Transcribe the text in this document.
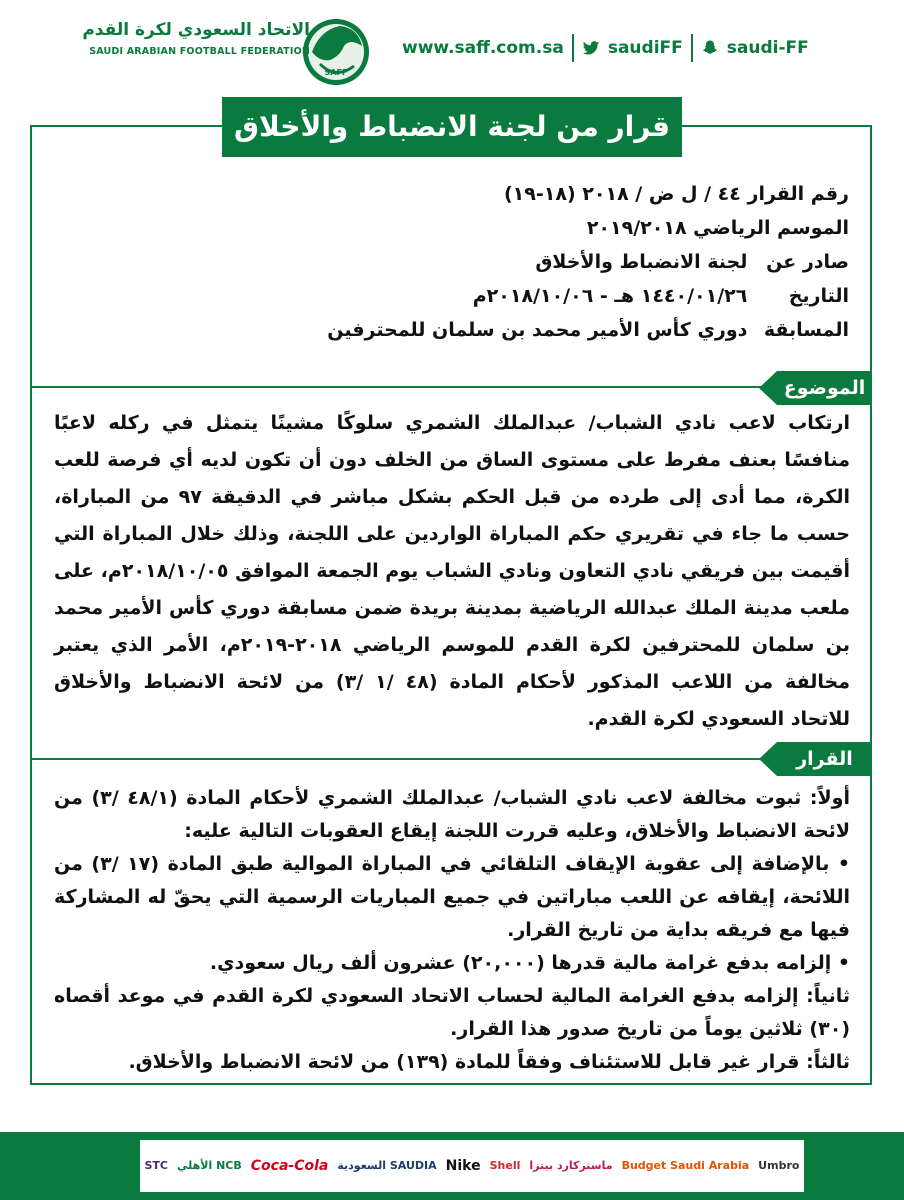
www.saff.com.sa	saudiFF	saudi-FF
SAFF
الاتحاد السعودي لكرة القدم
SAUDI ARABIAN FOOTBALL FEDERATION
قرار من لجنة الانضباط والأخلاق
رقم القرار ٤٤ / ل ض / ٢٠١٨ (١٨-١٩)
الموسم الرياضي ٢٠١٩/٢٠١٨
صادر عن لجنة الانضباط والأخلاق
التاريخ ١٤٤٠/٠١/٢٦ هـ - ٢٠١٨/١٠/٠٦م
المسابقة دوري كأس الأمير محمد بن سلمان للمحترفين
الموضوع
ارتكاب لاعب نادي الشباب/ عبدالملك الشمري سلوكًا مشينًا يتمثل في ركله لاعبًا منافسًا بعنف مفرط على مستوى الساق من الخلف دون أن تكون لديه أي فرصة للعب الكرة، مما أدى إلى طرده من قبل الحكم بشكل مباشر في الدقيقة ٩٧ من المباراة، حسب ما جاء في تقريري حكم المباراة الواردين على اللجنة، وذلك خلال المباراة التي أقيمت بين فريقي نادي التعاون ونادي الشباب يوم الجمعة الموافق ٢٠١٨/١٠/٠٥م، على ملعب مدينة الملك عبدالله الرياضية بمدينة بريدة ضمن مسابقة دوري كأس الأمير محمد بن سلمان للمحترفين لكرة القدم للموسم الرياضي ٢٠١٨-٢٠١٩م، الأمر الذي يعتبر مخالفة من اللاعب المذكور لأحكام المادة (٤٨ /١ /٣) من لائحة الانضباط والأخلاق للاتحاد السعودي لكرة القدم.
القرار

أولاً: ثبوت مخالفة لاعب نادي الشباب/ عبدالملك الشمري لأحكام المادة (٤٨/١ /٣) من لائحة الانضباط والأخلاق، وعليه قررت اللجنة إيقاع العقوبات التالية عليه:

• بالإضافة إلى عقوبة الإيقاف التلقائي في المباراة الموالية طبق المادة (١٧ /٣) من اللائحة، إيقافه عن اللعب مباراتين في جميع المباريات الرسمية التي يحقّ له المشاركة فيها مع فريقه بداية من تاريخ القرار.

• إلزامه بدفع غرامة مالية قدرها (٢٠,٠٠٠) عشرون ألف ريال سعودي.

ثانياً: إلزامه بدفع الغرامة المالية لحساب الاتحاد السعودي لكرة القدم في موعد أقصاه (٣٠) ثلاثين يوماً من تاريخ صدور هذا القرار.

ثالثاً: قرار غير قابل للاستئناف وفقاً للمادة (١٣٩) من لائحة الانضباط والأخلاق.

STC الأهلي NCB Coca-Cola السعودية SAUDIA Nike Shell ماستركارد بيتزا Budget Saudi Arabia Umbro
